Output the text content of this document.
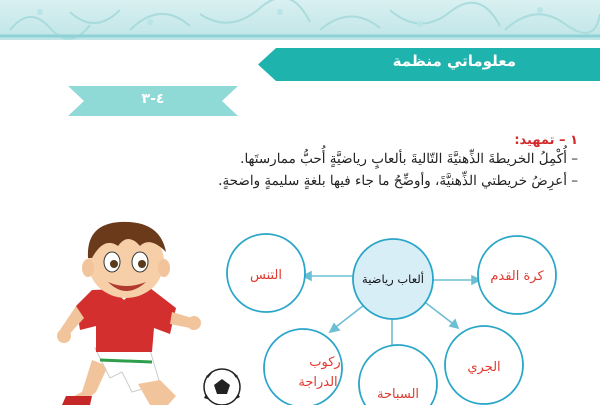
معلوماتي منظمة
٤-٣
١ – تمهيد:
– أُكْمِلُ الخريطةَ الذِّهنيَّةَ التّاليةَ بألعابٍ رياضيَّةٍ أُحبُّ ممارستَها.
– أعرِضُ خريطتي الذِّهنيَّةَ، وأوضِّحُ ما جاء فيها بلغةٍ سليمةٍ واضحةٍ.
ألعاب رياضية	كرة القدم
التنس
الجري
السباحة
ركوب
الدراجة
